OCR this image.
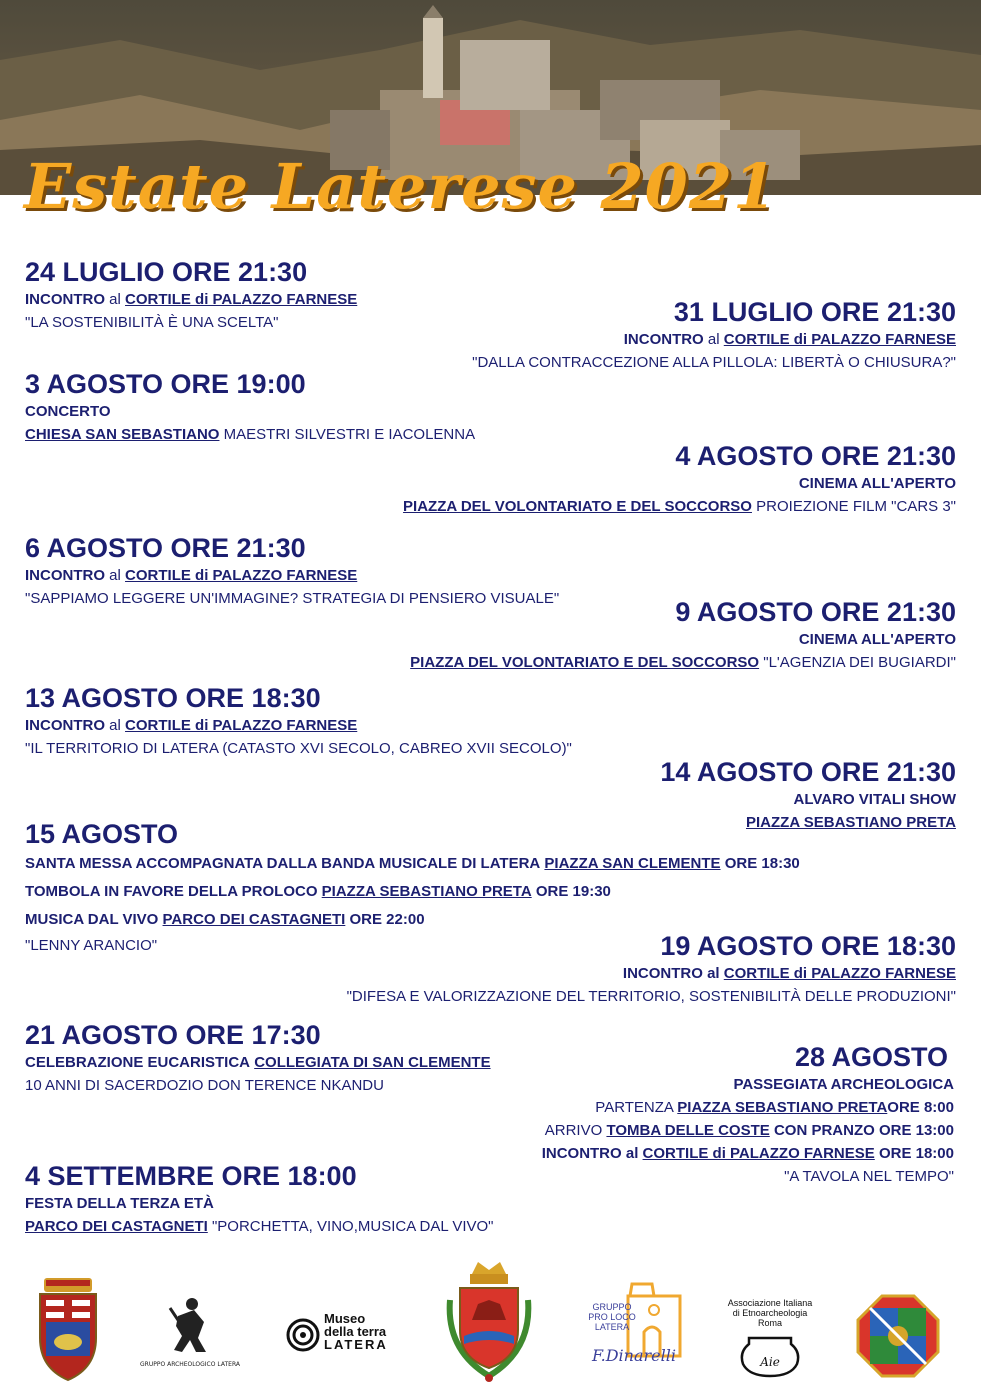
Estate Laterese 2021
24 LUGLIO ORE 21:30
INCONTRO al CORTILE di PALAZZO FARNESE
"LA SOSTENIBILITÀ È UNA SCELTA"	31 LUGLIO ORE 21:30
INCONTRO al CORTILE di PALAZZO FARNESE
"DALLA CONTRACCEZIONE ALLA PILLOLA: LIBERTÀ O CHIUSURA?"
3 AGOSTO ORE 19:00
CONCERTO
CHIESA SAN SEBASTIANO MAESTRI SILVESTRI E IACOLENNA
4 AGOSTO ORE 21:30
CINEMA ALL'APERTO
PIAZZA DEL VOLONTARIATO E DEL SOCCORSO PROIEZIONE FILM "CARS 3"
6 AGOSTO ORE 21:30
INCONTRO al CORTILE di PALAZZO FARNESE
"SAPPIAMO LEGGERE UN'IMMAGINE? STRATEGIA DI PENSIERO VISUALE"	9 AGOSTO ORE 21:30
CINEMA ALL'APERTO
PIAZZA DEL VOLONTARIATO E DEL SOCCORSO "L'AGENZIA DEI BUGIARDI"
13 AGOSTO ORE 18:30
INCONTRO al CORTILE di PALAZZO FARNESE
"IL TERRITORIO DI LATERA (CATASTO XVI SECOLO, CABREO XVII SECOLO)"
14 AGOSTO ORE 21:30
ALVARO VITALI SHOW
PIAZZA SEBASTIANO PRETA
15 AGOSTO
SANTA MESSA ACCOMPAGNATA DALLA BANDA MUSICALE DI LATERA PIAZZA SAN CLEMENTE ORE 18:30
TOMBOLA IN FAVORE DELLA PROLOCO PIAZZA SEBASTIANO PRETA ORE 19:30
MUSICA DAL VIVO PARCO DEI CASTAGNETI ORE 22:00
"LENNY ARANCIO"	19 AGOSTO ORE 18:30
INCONTRO al CORTILE di PALAZZO FARNESE
"DIFESA E VALORIZZAZIONE DEL TERRITORIO, SOSTENIBILITÀ DELLE PRODUZIONI"
21 AGOSTO ORE 17:30
CELEBRAZIONE EUCARISTICA COLLEGIATA DI SAN CLEMENTE
10 ANNI DI SACERDOZIO DON TERENCE NKANDU
28 AGOSTO
PASSEGIATA ARCHEOLOGICA
PARTENZA PIAZZA SEBASTIANO PRETAORE 8:00
ARRIVO TOMBA DELLE COSTE CON PRANZO ORE 13:00
INCONTRO al CORTILE di PALAZZO FARNESE ORE 18:00
"A TAVOLA NEL TEMPO"
4 SETTEMBRE ORE 18:00
FESTA DELLA TERZA ETÀ
PARCO DEI CASTAGNETI "PORCHETTA, VINO,MUSICA DAL VIVO"
GRUPPO ARCHEOLOGICO LATERA
Museo
della terra
LATERA
GRUPPO
PRO LOCO
LATERA
F.Dinarelli
Associazione Italiana
di Etnoarcheologia
Roma
Aie
